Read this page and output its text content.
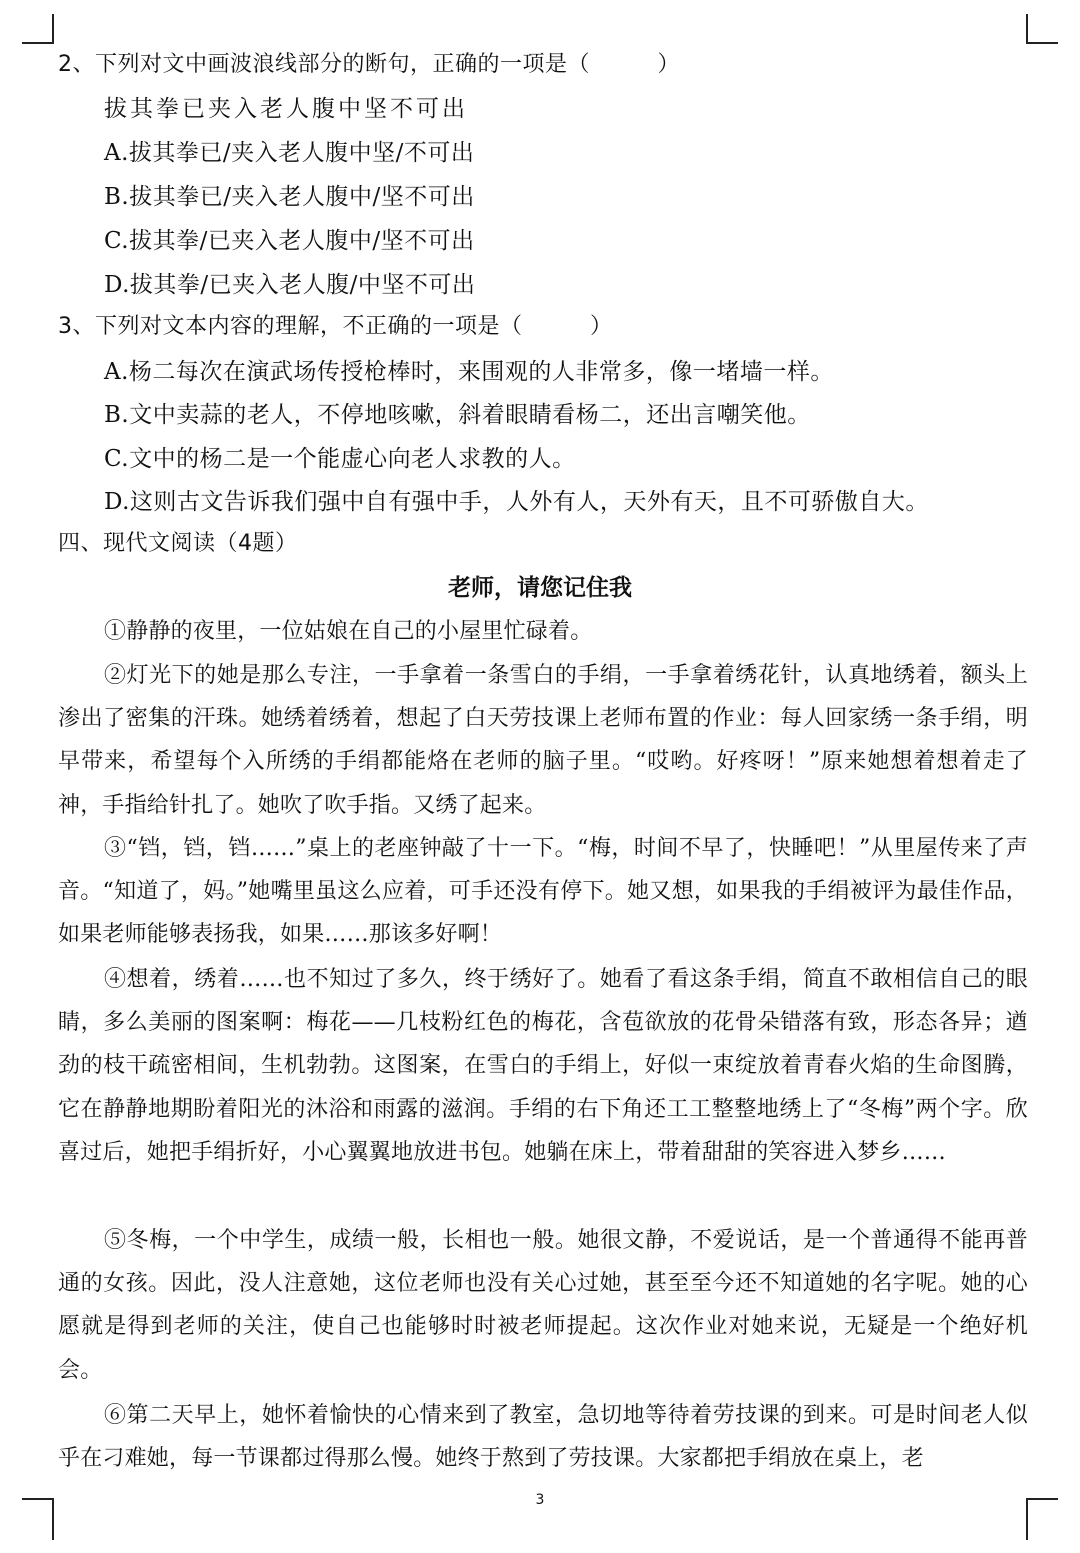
2、下列对文中画波浪线部分的断句，正确的一项是（　　　）
拔其拳已夹入老人腹中坚不可出
A.拔其拳已/夹入老人腹中坚/不可出
B.拔其拳已/夹入老人腹中/坚不可出
C.拔其拳/已夹入老人腹中/坚不可出
D.拔其拳/已夹入老人腹/中坚不可出
3、下列对文本内容的理解，不正确的一项是（　　　）
A.杨二每次在演武场传授枪棒时，来围观的人非常多，像一堵墙一样。
B.文中卖蒜的老人，不停地咳嗽，斜着眼睛看杨二，还出言嘲笑他。
C.文中的杨二是一个能虚心向老人求教的人。
D.这则古文告诉我们强中自有强中手，人外有人，天外有天，且不可骄傲自大。
四、现代文阅读（4题）
老师，请您记住我
①静静的夜里，一位姑娘在自己的小屋里忙碌着。
②灯光下的她是那么专注，一手拿着一条雪白的手绢，一手拿着绣花针，认真地绣着，额头上渗出了密集的汗珠。她绣着绣着，想起了白天劳技课上老师布置的作业：每人回家绣一条手绢，明早带来，希望每个入所绣的手绢都能烙在老师的脑子里。“哎哟。好疼呀！”原来她想着想着走了神，手指给针扎了。她吹了吹手指。又绣了起来。
③“铛，铛，铛……”桌上的老座钟敲了十一下。“梅，时间不早了，快睡吧！”从里屋传来了声音。“知道了，妈。”她嘴里虽这么应着，可手还没有停下。她又想，如果我的手绢被评为最佳作品，如果老师能够表扬我，如果……那该多好啊！
④想着，绣着……也不知过了多久，终于绣好了。她看了看这条手绢，简直不敢相信自己的眼睛，多么美丽的图案啊：梅花——几枝粉红色的梅花，含苞欲放的花骨朵错落有致，形态各异；遒劲的枝干疏密相间，生机勃勃。这图案，在雪白的手绢上，好似一束绽放着青春火焰的生命图腾，它在静静地期盼着阳光的沐浴和雨露的滋润。手绢的右下角还工工整整地绣上了“冬梅”两个字。欣喜过后，她把手绢折好，小心翼翼地放进书包。她躺在床上，带着甜甜的笑容进入梦乡……
⑤冬梅，一个中学生，成绩一般，长相也一般。她很文静，不爱说话，是一个普通得不能再普通的女孩。因此，没人注意她，这位老师也没有关心过她，甚至至今还不知道她的名字呢。她的心愿就是得到老师的关注，使自己也能够时时被老师提起。这次作业对她来说，无疑是一个绝好机会。
⑥第二天早上，她怀着愉快的心情来到了教室，急切地等待着劳技课的到来。可是时间老人似乎在刁难她，每一节课都过得那么慢。她终于熬到了劳技课。大家都把手绢放在桌上，老
3
